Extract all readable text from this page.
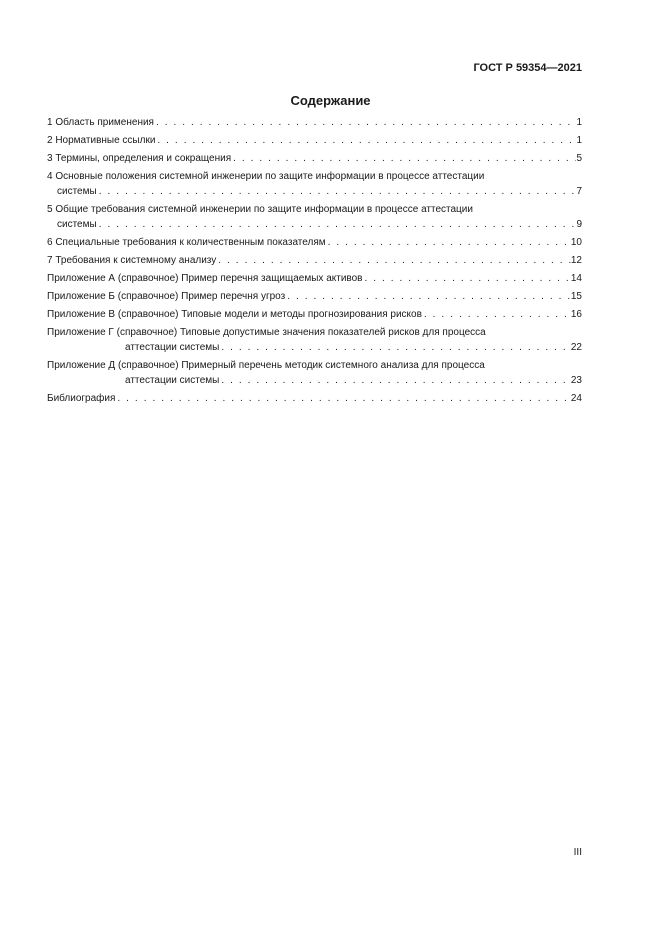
ГОСТ Р 59354—2021
Содержание
1 Область применения . . .	1
2 Нормативные ссылки . . .	1
3 Термины, определения и сокращения . . .	5
4 Основные положения системной инженерии по защите информации в процессе аттестации
системы . . .	7
5 Общие требования системной инженерии по защите информации в процессе аттестации
системы . . .	9
6 Специальные требования к количественным показателям . . .	10
7 Требования к системному анализу . . .	12
Приложение А (справочное) Пример перечня защищаемых активов . . .	14
Приложение Б (справочное) Пример перечня угроз . . .	15
Приложение В (справочное) Типовые модели и методы прогнозирования рисков . . .	16
Приложение Г (справочное) Типовые допустимые значения показателей рисков для процесса
аттестации системы . . .	22
Приложение Д (справочное) Примерный перечень методик системного анализа для процесса
аттестации системы . . .	23
Библиография . . .	24
III
